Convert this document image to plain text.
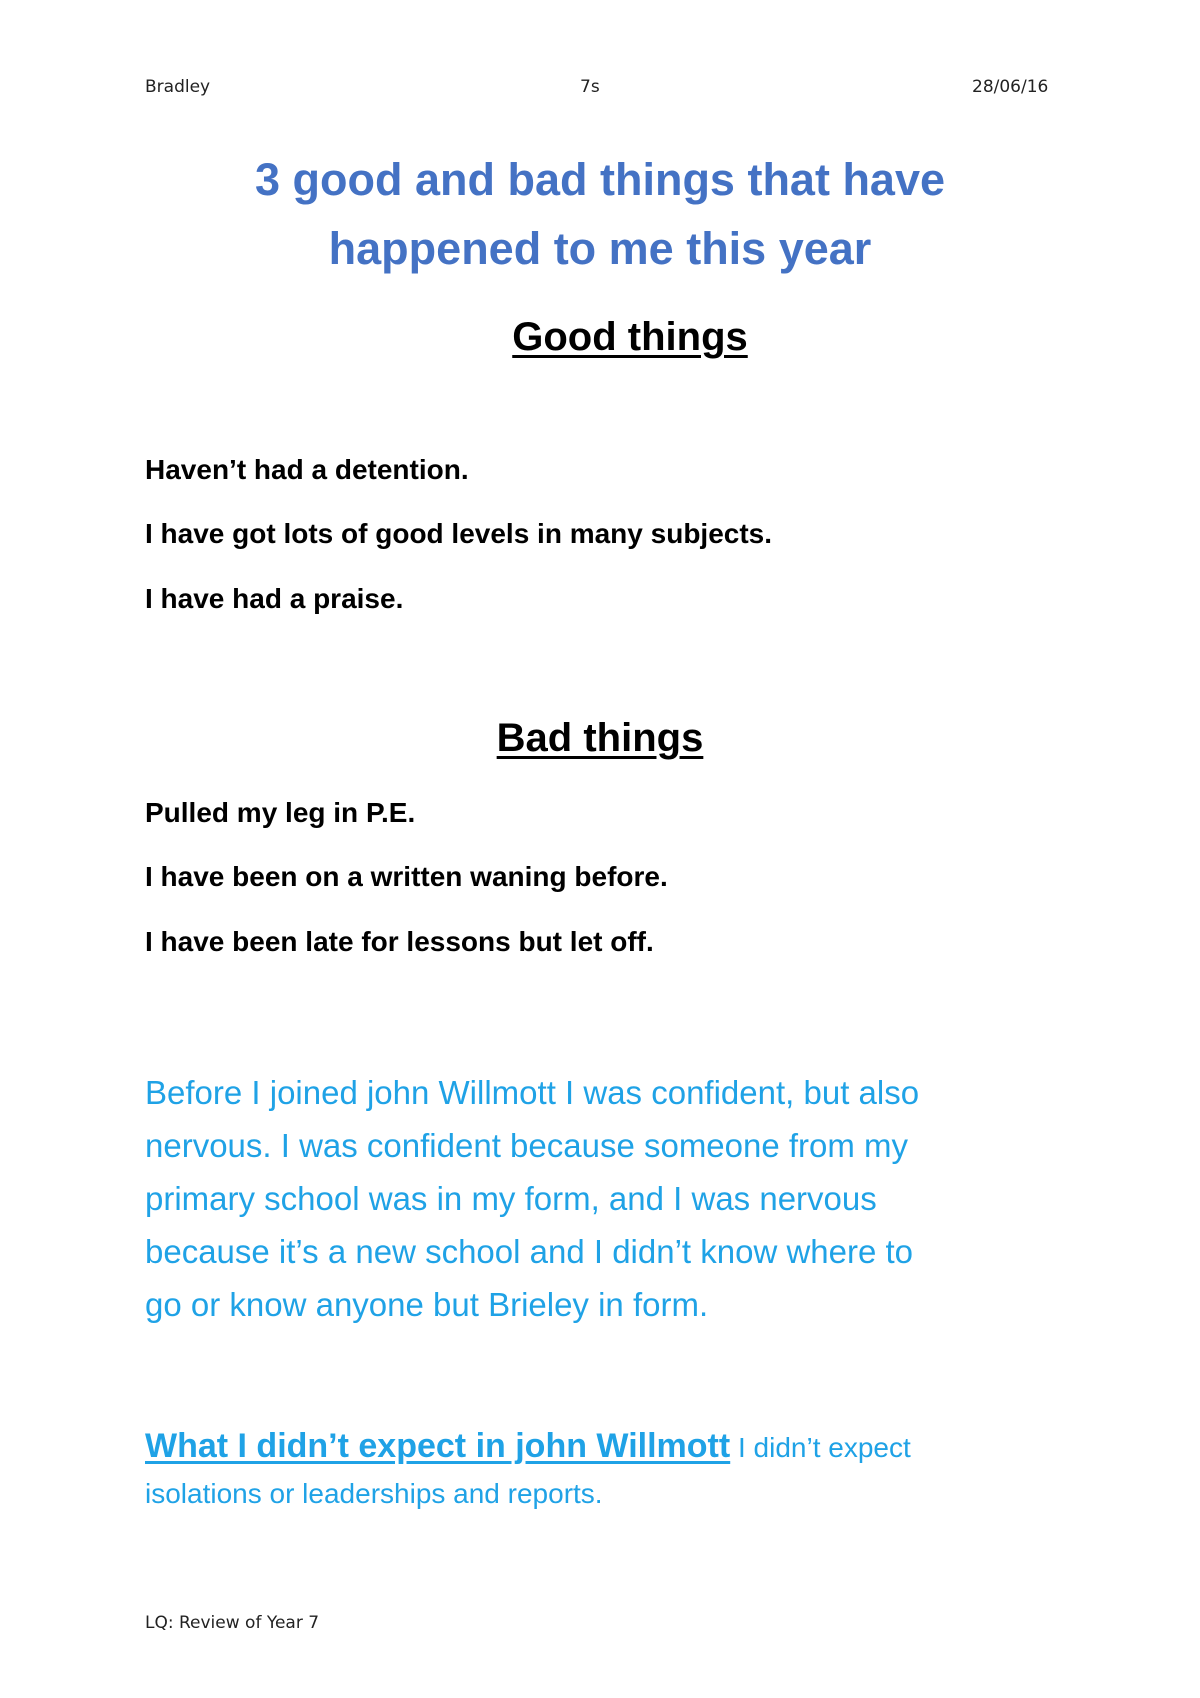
Bradley	7s	28/06/16

3 good and bad things that have
happened to me this year
Good things

Haven’t had a detention.

I have got lots of good levels in many subjects.

I have had a praise.

Bad things

Pulled my leg in P.E.

I have been on a written waning before.

I have been late for lessons but let off.

Before I joined john Willmott I was confident, but also

nervous. I was confident because someone from my

primary school was in my form, and I was nervous

because it’s a new school and I didn’t know where to

go or know anyone but Brieley in form.

What I didn’t expect in john Willmott I didn’t expect
isolations or leaderships and reports.

LQ: Review of Year 7
